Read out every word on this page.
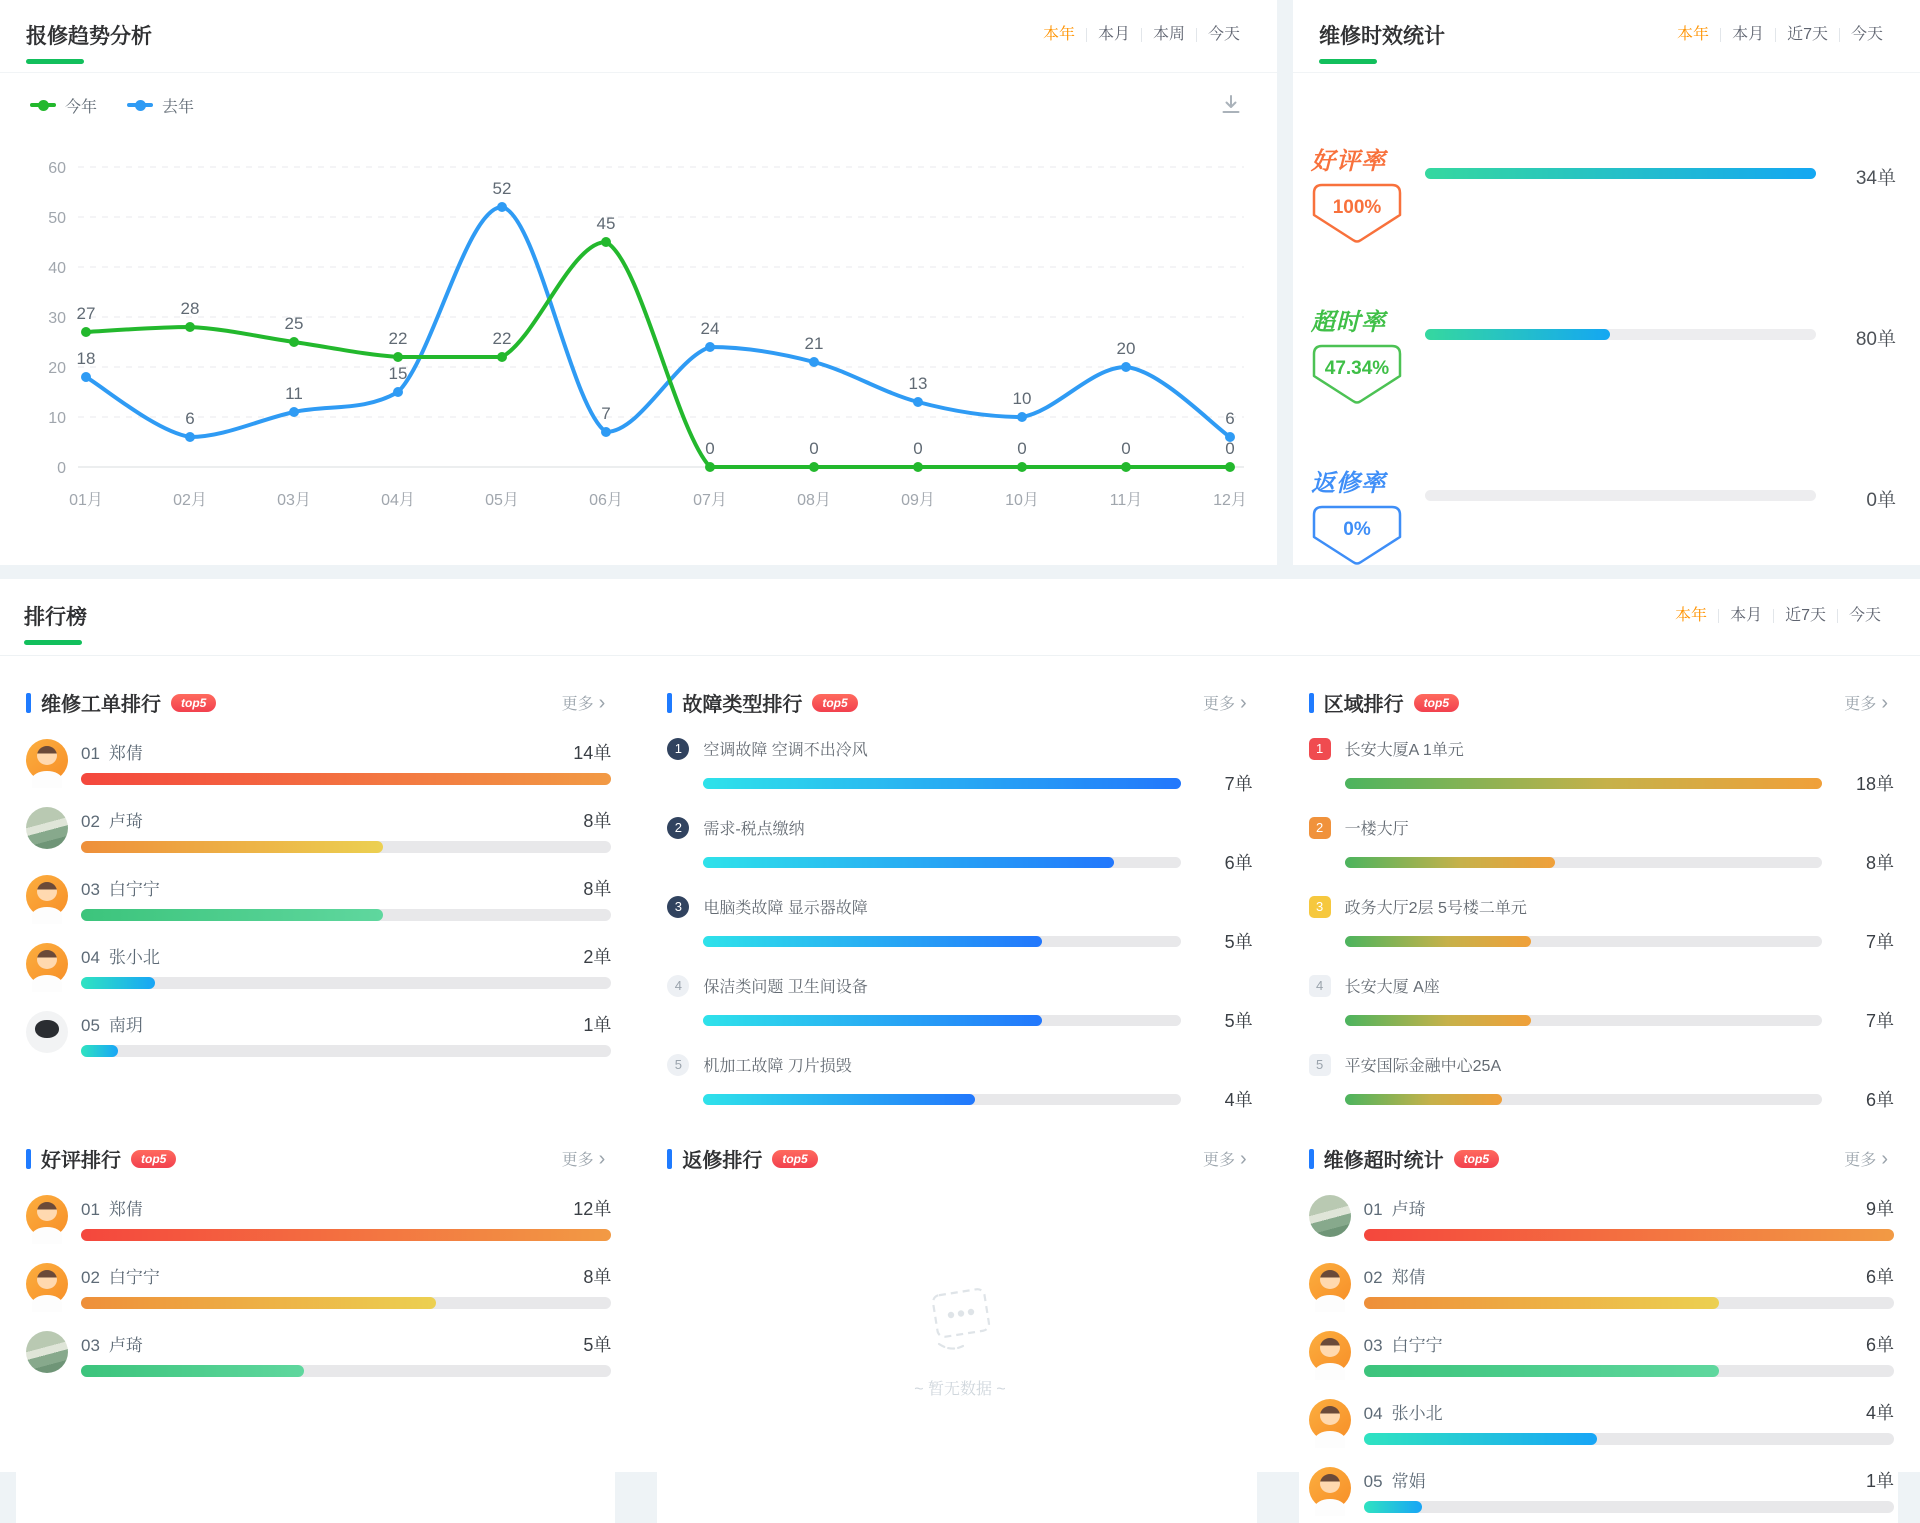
报修趋势分析	本年	本月	本周	今天
今年	去年
0
10
20
30
40
50
60
01月	02月	03月	04月	05月	06月	07月	08月	09月	10月	11月	12月
18
6
11
15
52
7
24
21
13
10
20
6
27	28
25
22	22
45
0	0	0	0	0	0
维修时效统计	本年	本月	近7天	今天
好评率
100%
34单
超时率
47.34%
80单
返修率
0%
0单
排行榜	本年	本月	近7天	今天
维修工单排行	top5	更多 ›
01 郑倩	14单
02 卢琦	8单
03 白宁宁	8单
04 张小北	2单
05 南玥	1单
故障类型排行	top5	更多 ›
1	空调故障 空调不出冷风
7单
2	需求-税点缴纳
6单
3	电脑类故障 显示器故障
5单
4	保洁类问题 卫生间设备
5单
5	机加工故障 刀片损毁
4单
区域排行	top5	更多 ›
1	长安大厦A 1单元
18单
2	一楼大厅
8单
3	政务大厅2层 5号楼二单元
7单
4	长安大厦 A座
7单
5	平安国际金融中心25A
6单
好评排行	top5	更多 ›
01 郑倩	12单
02 白宁宁	8单
03 卢琦	5单
返修排行	top5	更多 ›
~ 暂无数据 ~
维修超时统计	top5	更多 ›
01 卢琦	9单
02 郑倩	6单
03 白宁宁	6单
04 张小北	4单
05 常娟	1单
